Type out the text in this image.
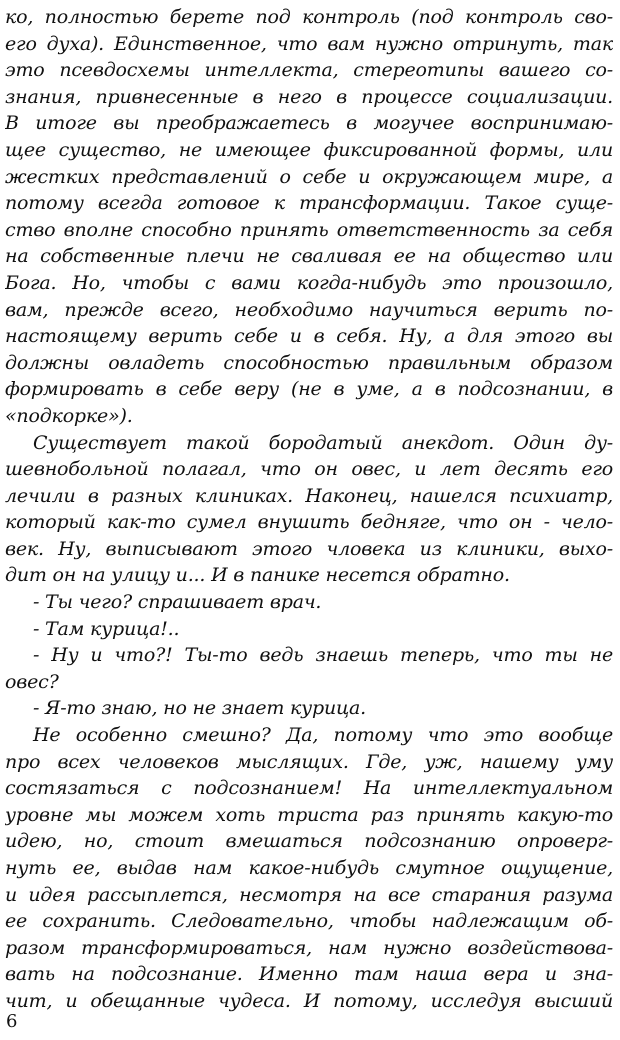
ко, полностью берете под контроль (под контроль сво-
его духа). Единственное, что вам нужно отринуть, так
это псевдосхемы интеллекта, стереотипы вашего со-
знания, привнесенные в него в процессе социализации.
В итоге вы преображаетесь в могучее воспринимаю-
щее существо, не имеющее фиксированной формы, или
жестких представлений о себе и окружающем мире, а
потому всегда готовое к трансформации. Такое суще-
ство вполне способно принять ответственность за себя
на собственные плечи не сваливая ее на общество или
Бога. Но, чтобы с вами когда-нибудь это произошло,
вам, прежде всего, необходимо научиться верить по-
настоящему верить себе и в себя. Ну, а для этого вы
должны овладеть способностью правильным образом
формировать в себе веру (не в уме, а в подсознании, в
«подкорке»).
Существует такой бородатый анекдот. Один ду-
шевнобольной полагал, что он овес, и лет десять его
лечили в разных клиниках. Наконец, нашелся психиатр,
который как-то сумел внушить бедняге, что он - чело-
век. Ну, выписывают этого чловека из клиники, выхо-
дит он на улицу и... И в панике несется обратно.
- Ты чего? спрашивает врач.
- Там курица!..
- Ну и что?! Ты-то ведь знаешь теперь, что ты не
овес?
- Я-то знаю, но не знает курица.
Не особенно смешно? Да, потому что это вообще
про всех человеков мыслящих. Где, уж, нашему уму
состязаться с подсознанием! На интеллектуальном
уровне мы можем хоть триста раз принять какую-то
идею, но, стоит вмешаться подсознанию опроверг-
нуть ее, выдав нам какое-нибудь смутное ощущение,
и идея рассыплется, несмотря на все старания разума
ее сохранить. Следовательно, чтобы надлежащим об-
разом трансформироваться, нам нужно воздействова-
вать на подсознание. Именно там наша вера и зна-
чит, и обещанные чудеса. И потому, исследуя высший
6
